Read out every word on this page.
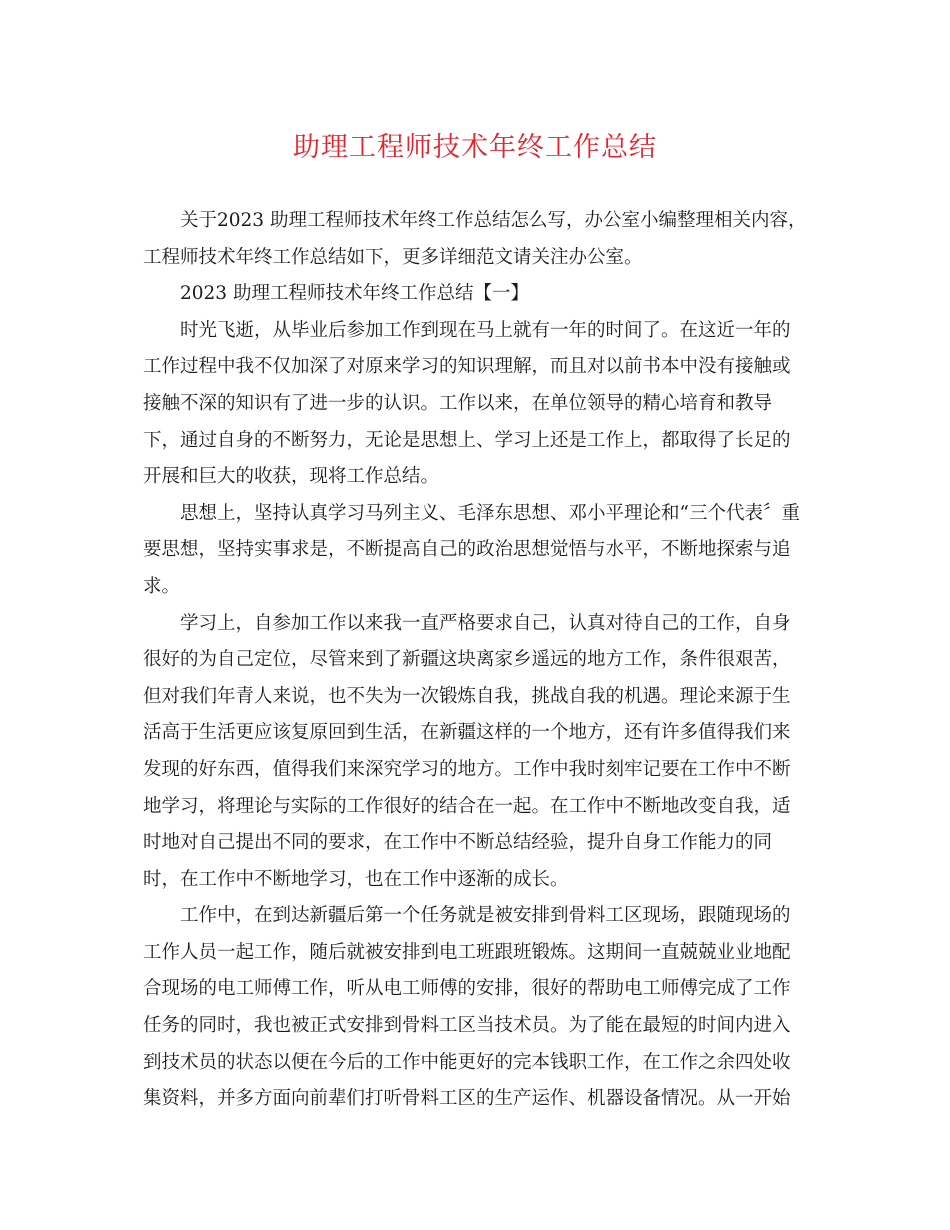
助理工程师技术年终工作总结
关于2023 助理工程师技术年终工作总结怎么写，办公室小编整理相关内容，
工程师技术年终工作总结如下，更多详细范文请关注办公室。
2023 助理工程师技术年终工作总结【一】
时光飞逝，从毕业后参加工作到现在马上就有一年的时间了。在这近一年的
工作过程中我不仅加深了对原来学习的知识理解，而且对以前书本中没有接触或
接触不深的知识有了进一步的认识。工作以来，在单位领导的精心培育和教导
下，通过自身的不断努力，无论是思想上、学习上还是工作上，都取得了长足的
开展和巨大的收获，现将工作总结。
思想上，坚持认真学习马列主义、毛泽东思想、邓小平理论和“三个代表〞重
要思想，坚持实事求是，不断提高自己的政治思想觉悟与水平，不断地探索与追
求。
学习上，自参加工作以来我一直严格要求自己，认真对待自己的工作，自身
很好的为自己定位，尽管来到了新疆这块离家乡遥远的地方工作，条件很艰苦，
但对我们年青人来说，也不失为一次锻炼自我，挑战自我的机遇。理论来源于生
活高于生活更应该复原回到生活，在新疆这样的一个地方，还有许多值得我们来
发现的好东西，值得我们来深究学习的地方。工作中我时刻牢记要在工作中不断
地学习，将理论与实际的工作很好的结合在一起。在工作中不断地改变自我，适
时地对自己提出不同的要求，在工作中不断总结经验，提升自身工作能力的同
时，在工作中不断地学习，也在工作中逐渐的成长。
工作中，在到达新疆后第一个任务就是被安排到骨料工区现场，跟随现场的
工作人员一起工作，随后就被安排到电工班跟班锻炼。这期间一直兢兢业业地配
合现场的电工师傅工作，听从电工师傅的安排，很好的帮助电工师傅完成了工作
任务的同时，我也被正式安排到骨料工区当技术员。为了能在最短的时间内进入
到技术员的状态以便在今后的工作中能更好的完本钱职工作，在工作之余四处收
集资料，并多方面向前辈们打听骨料工区的生产运作、机器设备情况。从一开始
